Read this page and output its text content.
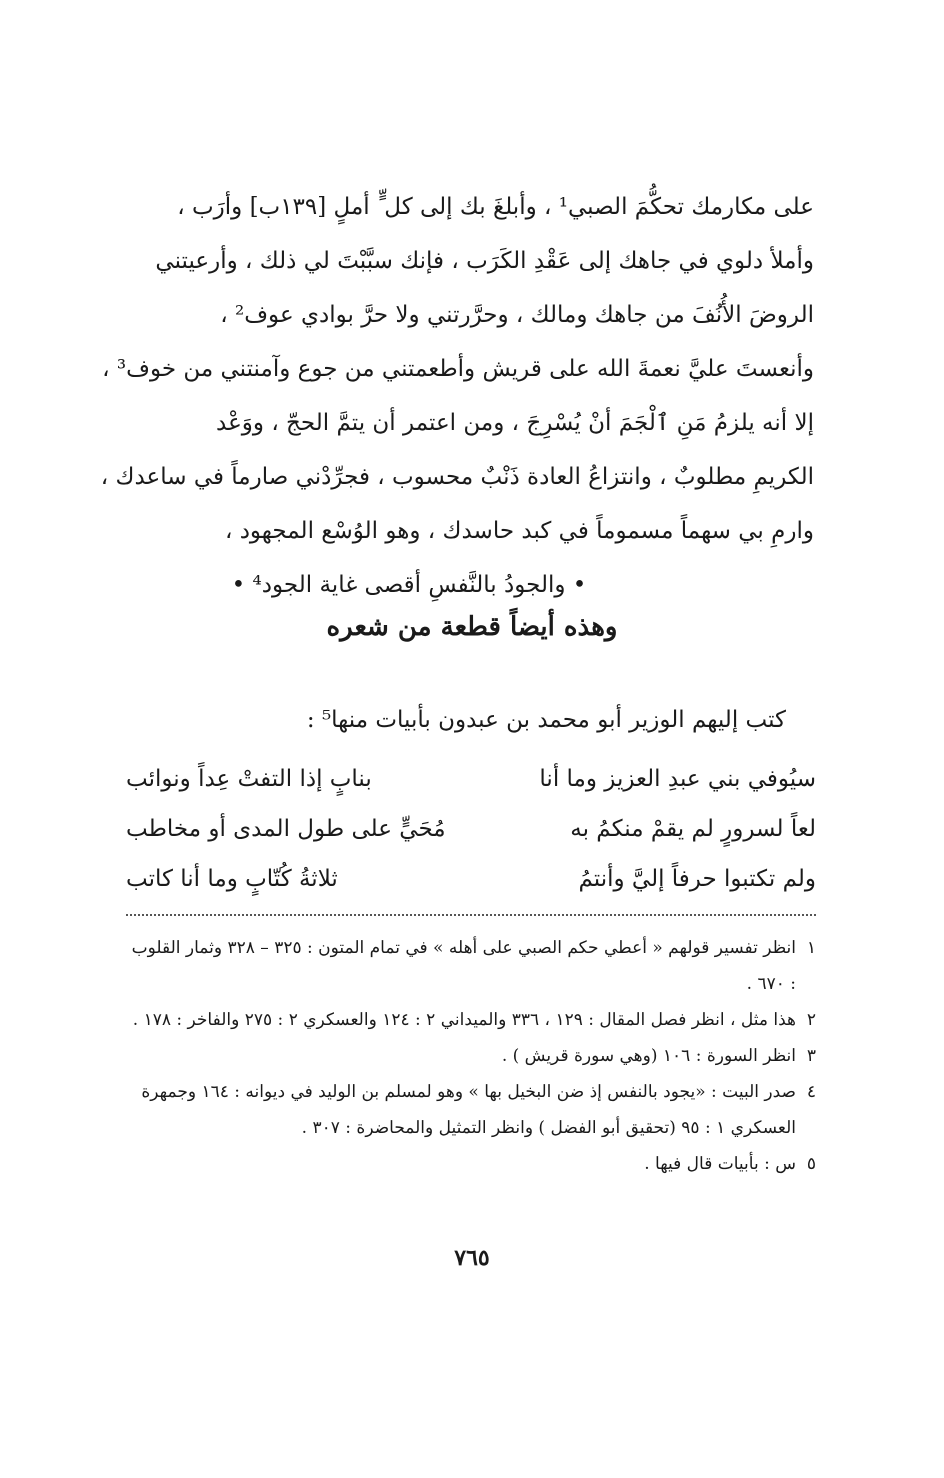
على مكارمك تحكُّمَ الصبي¹ ، وأبلغَ بك إلى كل ٍّ أملٍ [١٣٩ب] وأرَب ،
وأملأ دلوي في جاهك إلى عَقْدِ الكَرَب ، فإنك سبَّبْتَ لي ذلك ، وأرعيتني
الروضَ الأُنُفَ من جاهك ومالك ، وحرَّرتني ولا حرَّ بوادي عوف² ،
وأنعستَ عليَّ نعمةَ الله على قريش وأطعمتني من جوع وآمنتني من خوف³ ،
إلا أنه يلزمُ مَنِ ٱلْجَمَ أنْ يُسْرِجَ ، ومن اعتمر أن يتمَّ الحجّ ، ووَعْد
الكريمِ مطلوبٌ ، وانتزاعُ العادة ذَنْبٌ محسوب ، فجرِّدْني صارماً في ساعدك ،
وارمِ بي سهماً مسموماً في كبد حاسدك ، وهو الوُسْع المجهود ،
• والجودُ بالنَّفسِ أقصى غاية الجود⁴ •
وهذه أيضاً قطعة من شعره
كتب إليهم الوزير أبو محمد بن عبدون بأبيات منها⁵ :
سيُوفي بني عبدِ العزيز وما أنا
بنابٍ إذا التفتْ عِداً ونوائب
لعاً لسرورٍ لم يقمْ منكمُ به
مُحَيٍّ على طول المدى أو مخاطب
ولم تكتبوا حرفاً إليَّ وأنتمُ
ثلاثةُ كُتّابٍ وما أنا كاتب
١
انظر تفسير قولهم « أعطي حكم الصبي على أهله » في تمام المتون : ٣٢٥ – ٣٢٨ وثمار القلوب : ٦٧٠ .
٢
هذا مثل ، انظر فصل المقال : ١٢٩ ، ٣٣٦ والميداني ٢ : ١٢٤ والعسكري ٢ : ٢٧٥ والفاخر : ١٧٨ .
٣
انظر السورة : ١٠٦ (وهي سورة قريش ) .
٤
صدر البيت : «يجود بالنفس إذ ضن البخيل بها » وهو لمسلم بن الوليد في ديوانه : ١٦٤ وجمهرة العسكري ١ : ٩٥ (تحقيق أبو الفضل ) وانظر التمثيل والمحاضرة : ٣٠٧ .
٥
س : بأبيات قال فيها .
٧٦٥
